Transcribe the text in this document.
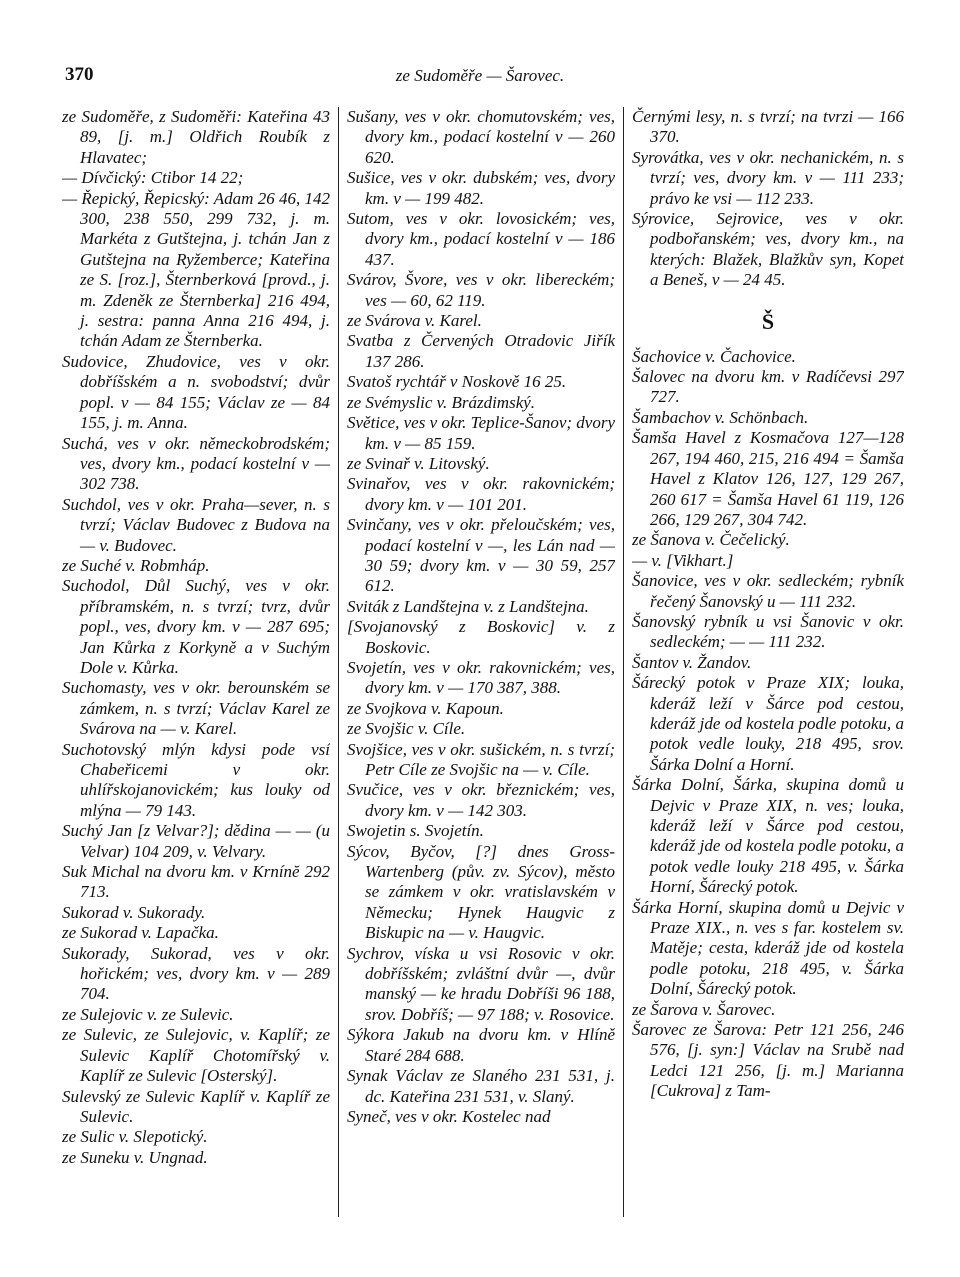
370	ze Sudoměře — Šarovec.

ze Sudoměře, z Sudoměři: Kateřina 43 89, [j. m.] Oldřich Roubík z Hlavatec;

— Dívčický: Ctibor 14 22;

— Řepický, Řepicský: Adam 26 46, 142 300, 238 550, 299 732, j. m. Markéta z Gutštejna, j. tchán Jan z Gutštejna na Ryžemberce; Kateřina ze S. [roz.], Šternberková [provd., j. m. Zdeněk ze Šternberka] 216 494, j. sestra: panna Anna 216 494, j. tchán Adam ze Šternberka.

Sudovice, Zhudovice, ves v okr. dobříšském a n. svobodství; dvůr popl. v — 84 155; Václav ze — 84 155, j. m. Anna.

Suchá, ves v okr. německobrodském; ves, dvory km., podací kostelní v — 302 738.

Suchdol, ves v okr. Praha—sever, n. s tvrzí; Václav Budovec z Budova na — v. Budovec.

ze Suché v. Robmháp.

Suchodol, Důl Suchý, ves v okr. příbramském, n. s tvrzí; tvrz, dvůr popl., ves, dvory km. v — 287 695; Jan Kůrka z Korkyně a v Suchým Dole v. Kůrka.

Suchomasty, ves v okr. berounském se zámkem, n. s tvrzí; Václav Karel ze Svárova na — v. Karel.

Suchotovský mlýn kdysi pode vsí Chabeřicemi v okr. uhlířskojanovickém; kus louky od mlýna — 79 143.

Suchý Jan [z Velvar?]; dědina — — (u Velvar) 104 209, v. Velvary.

Suk Michal na dvoru km. v Krnínĕ 292 713.

Sukorad v. Sukorady.

ze Sukorad v. Lapačka.

Sukorady, Sukorad, ves v okr. hořickém; ves, dvory km. v — 289 704.

ze Sulejovic v. ze Sulevic.

ze Sulevic, ze Sulejovic, v. Kaplíř; ze Sulevic Kaplíř Chotomířský v. Kaplíř ze Sulevic [Osterský].

Sulevský ze Sulevic Kaplíř v. Kaplíř ze Sulevic.

ze Sulic v. Slepotický.

ze Suneku v. Ungnad.

Sušany, ves v okr. chomutovském; ves, dvory km., podací kostelní v — 260 620.

Sušice, ves v okr. dubském; ves, dvory km. v — 199 482.

Sutom, ves v okr. lovosickém; ves, dvory km., podací kostelní v — 186 437.

Svárov, Švore, ves v okr. libereckém; ves — 60, 62 119.

ze Svárova v. Karel.

Svatba z Červených Otradovic Jiřík 137 286.

Svatoš rychtář v Noskově 16 25.

ze Svémyslic v. Brázdimský.

Světice, ves v okr. Teplice-Šanov; dvory km. v — 85 159.

ze Svinař v. Litovský.

Svinařov, ves v okr. rakovnickém; dvory km. v — 101 201.

Svinčany, ves v okr. přeloučském; ves, podací kostelní v —, les Lán nad — 30 59; dvory km. v — 30 59, 257 612.

Sviták z Landštejna v. z Landštejna.

[Svojanovský z Boskovic] v. z Boskovic.

Svojetín, ves v okr. rakovnickém; ves, dvory km. v — 170 387, 388.

ze Svojkova v. Kapoun.

ze Svojšic v. Cíle.

Svojšice, ves v okr. sušickém, n. s tvrzí; Petr Cíle ze Svojšic na — v. Cíle.

Svučice, ves v okr. březnickém; ves, dvory km. v — 142 303.

Swojetin s. Svojetín.

Sýcov, Byčov, [?] dnes Gross-Wartenberg (pův. zv. Sýcov), město se zámkem v okr. vratislavském v Německu; Hynek Haugvic z Biskupic na — v. Haugvic.

Sychrov, víska u vsi Rosovic v okr. dobříšském; zvláštní dvůr —, dvůr manský — ke hradu Dobříši 96 188, srov. Dobříš; — 97 188; v. Rosovice.

Sýkora Jakub na dvoru km. v Hlíně Staré 284 688.

Synak Václav ze Slaného 231 531, j. dc. Kateřina 231 531, v. Slaný.

Syneč, ves v okr. Kostelec nad

Černými lesy, n. s tvrzí; na tvrzi — 166 370.

Syrovátka, ves v okr. nechanickém, n. s tvrzí; ves, dvory km. v — 111 233; právo ke vsi — 112 233.

Sýrovice, Sejrovice, ves v okr. podbořanském; ves, dvory km., na kterých: Blažek, Blažkův syn, Kopet a Beneš, v — 24 45.

Š

Šachovice v. Čachovice.

Šalovec na dvoru km. v Radíčevsi 297 727.

Šambachov v. Schönbach.

Šamša Havel z Kosmačova 127—128 267, 194 460, 215, 216 494 = Šamša Havel z Klatov 126, 127, 129 267, 260 617 = Šamša Havel 61 119, 126 266, 129 267, 304 742.

ze Šanova v. Čečelický.

— v. [Vikhart.]

Šanovice, ves v okr. sedleckém; rybník řečený Šanovský u — 111 232.

Šanovský rybník u vsi Šanovic v okr. sedleckém; — — 111 232.

Šantov v. Žandov.

Šárecký potok v Praze XIX; louka, kderáž leží v Šárce pod cestou, kderáž jde od kostela podle potoku, a potok vedle louky, 218 495, srov. Šárka Dolní a Horní.

Šárka Dolní, Šárka, skupina domů u Dejvic v Praze XIX, n. ves; louka, kderáž leží v Šárce pod cestou, kderáž jde od kostela podle potoku, a potok vedle louky 218 495, v. Šárka Horní, Šárecký potok.

Šárka Horní, skupina domů u Dejvic v Praze XIX., n. ves s far. kostelem sv. Matěje; cesta, kderáž jde od kostela podle potoku, 218 495, v. Šárka Dolní, Šárecký potok.

ze Šarova v. Šarovec.

Šarovec ze Šarova: Petr 121 256, 246 576, [j. syn:] Václav na Srubě nad Ledci 121 256, [j. m.] Marianna [Cukrova] z Tam-
